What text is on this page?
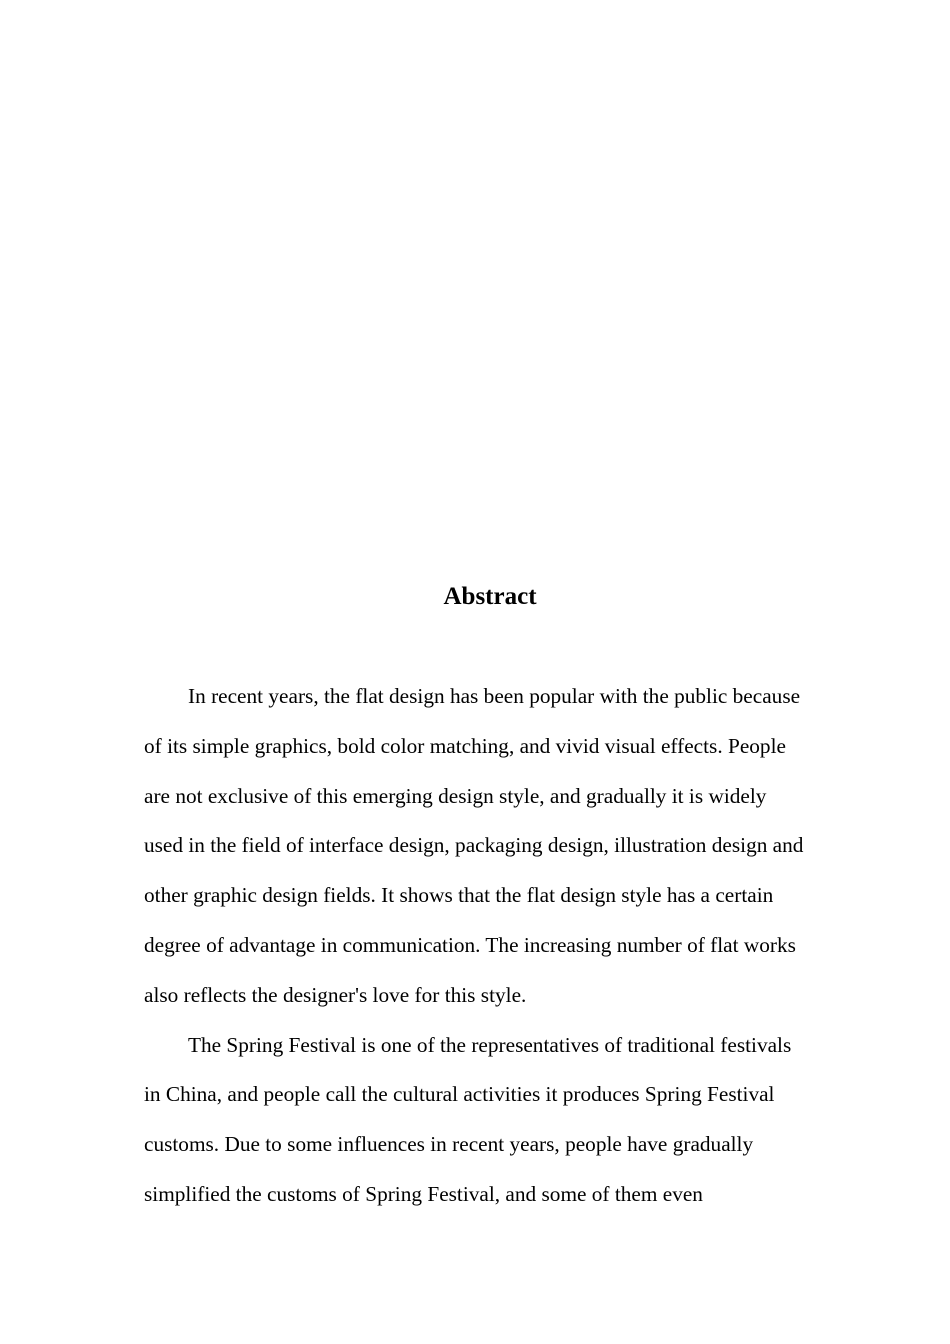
Abstract

In recent years, the flat design has been popular with the public because
of its simple graphics, bold color matching, and vivid visual effects. People
are not exclusive of this emerging design style, and gradually it is widely
used in the field of interface design, packaging design, illustration design and
other graphic design fields. It shows that the flat design style has a certain
degree of advantage in communication. The increasing number of flat works
also reflects the designer's love for this style.

The Spring Festival is one of the representatives of traditional festivals
in China, and people call the cultural activities it produces Spring Festival
customs. Due to some influences in recent years, people have gradually
simplified the customs of Spring Festival, and some of them even
